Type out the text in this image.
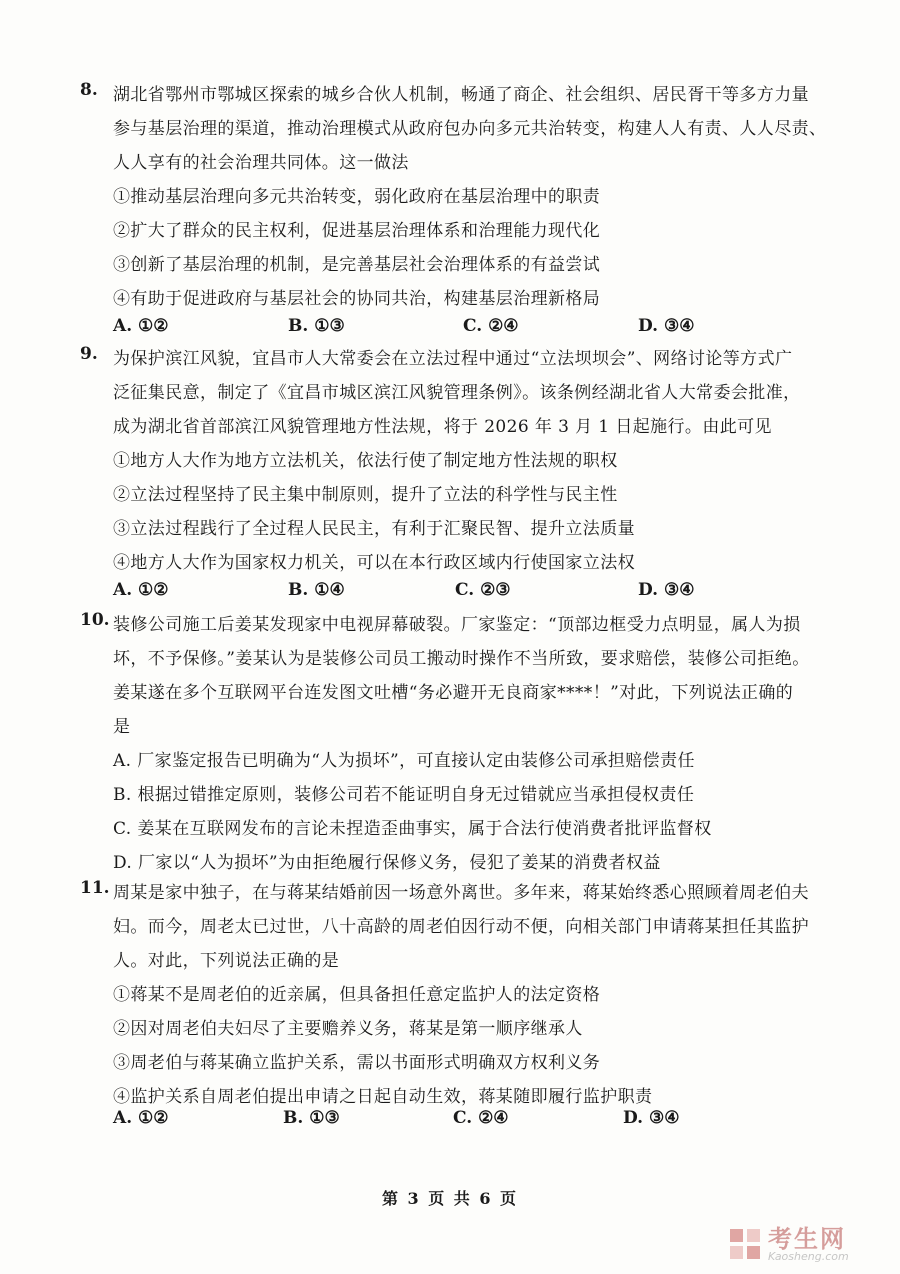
8. 湖北省鄂州市鄂城区探索的城乡合伙人机制，畅通了商企、社会组织、居民胥干等多方力量
参与基层治理的渠道，推动治理模式从政府包办向多元共治转变，构建人人有责、人人尽责、
人人享有的社会治理共同体。这一做法
①推动基层治理向多元共治转变，弱化政府在基层治理中的职责
②扩大了群众的民主权利，促进基层治理体系和治理能力现代化
③创新了基层治理的机制，是完善基层社会治理体系的有益尝试
④有助于促进政府与基层社会的协同共治，构建基层治理新格局
A. ①②	B. ①③	C. ②④	D. ③④
9. 为保护滨江风貌，宜昌市人大常委会在立法过程中通过“立法坝坝会”、网络讨论等方式广
泛征集民意，制定了《宜昌市城区滨江风貌管理条例》。该条例经湖北省人大常委会批准，
成为湖北省首部滨江风貌管理地方性法规，将于 2026 年 3 月 1 日起施行。由此可见
①地方人大作为地方立法机关，依法行使了制定地方性法规的职权
②立法过程坚持了民主集中制原则，提升了立法的科学性与民主性
③立法过程践行了全过程人民民主，有利于汇聚民智、提升立法质量
④地方人大作为国家权力机关，可以在本行政区域内行使国家立法权
A. ①②	B. ①④	C. ②③	D. ③④
10. 装修公司施工后姜某发现家中电视屏幕破裂。厂家鉴定：“顶部边框受力点明显，属人为损
坏，不予保修。”姜某认为是装修公司员工搬动时操作不当所致，要求赔偿，装修公司拒绝。
姜某遂在多个互联网平台连发图文吐槽“务必避开无良商家****！”对此，下列说法正确的
是
A. 厂家鉴定报告已明确为“人为损坏”，可直接认定由装修公司承担赔偿责任
B. 根据过错推定原则，装修公司若不能证明自身无过错就应当承担侵权责任
C. 姜某在互联网发布的言论未捏造歪曲事实，属于合法行使消费者批评监督权
D. 厂家以“人为损坏”为由拒绝履行保修义务，侵犯了姜某的消费者权益
11. 周某是家中独子，在与蒋某结婚前因一场意外离世。多年来，蒋某始终悉心照顾着周老伯夫
妇。而今，周老太已过世，八十高龄的周老伯因行动不便，向相关部门申请蒋某担任其监护
人。对此，下列说法正确的是
①蒋某不是周老伯的近亲属，但具备担任意定监护人的法定资格
②因对周老伯夫妇尽了主要赡养义务，蒋某是第一顺序继承人
③周老伯与蒋某确立监护关系，需以书面形式明确双方权利义务
④监护关系自周老伯提出申请之日起自动生效，蒋某随即履行监护职责
A. ①②	B. ①③	C. ②④	D. ③④
第 3 页 共 6 页
考生网
Kaosheng.com
